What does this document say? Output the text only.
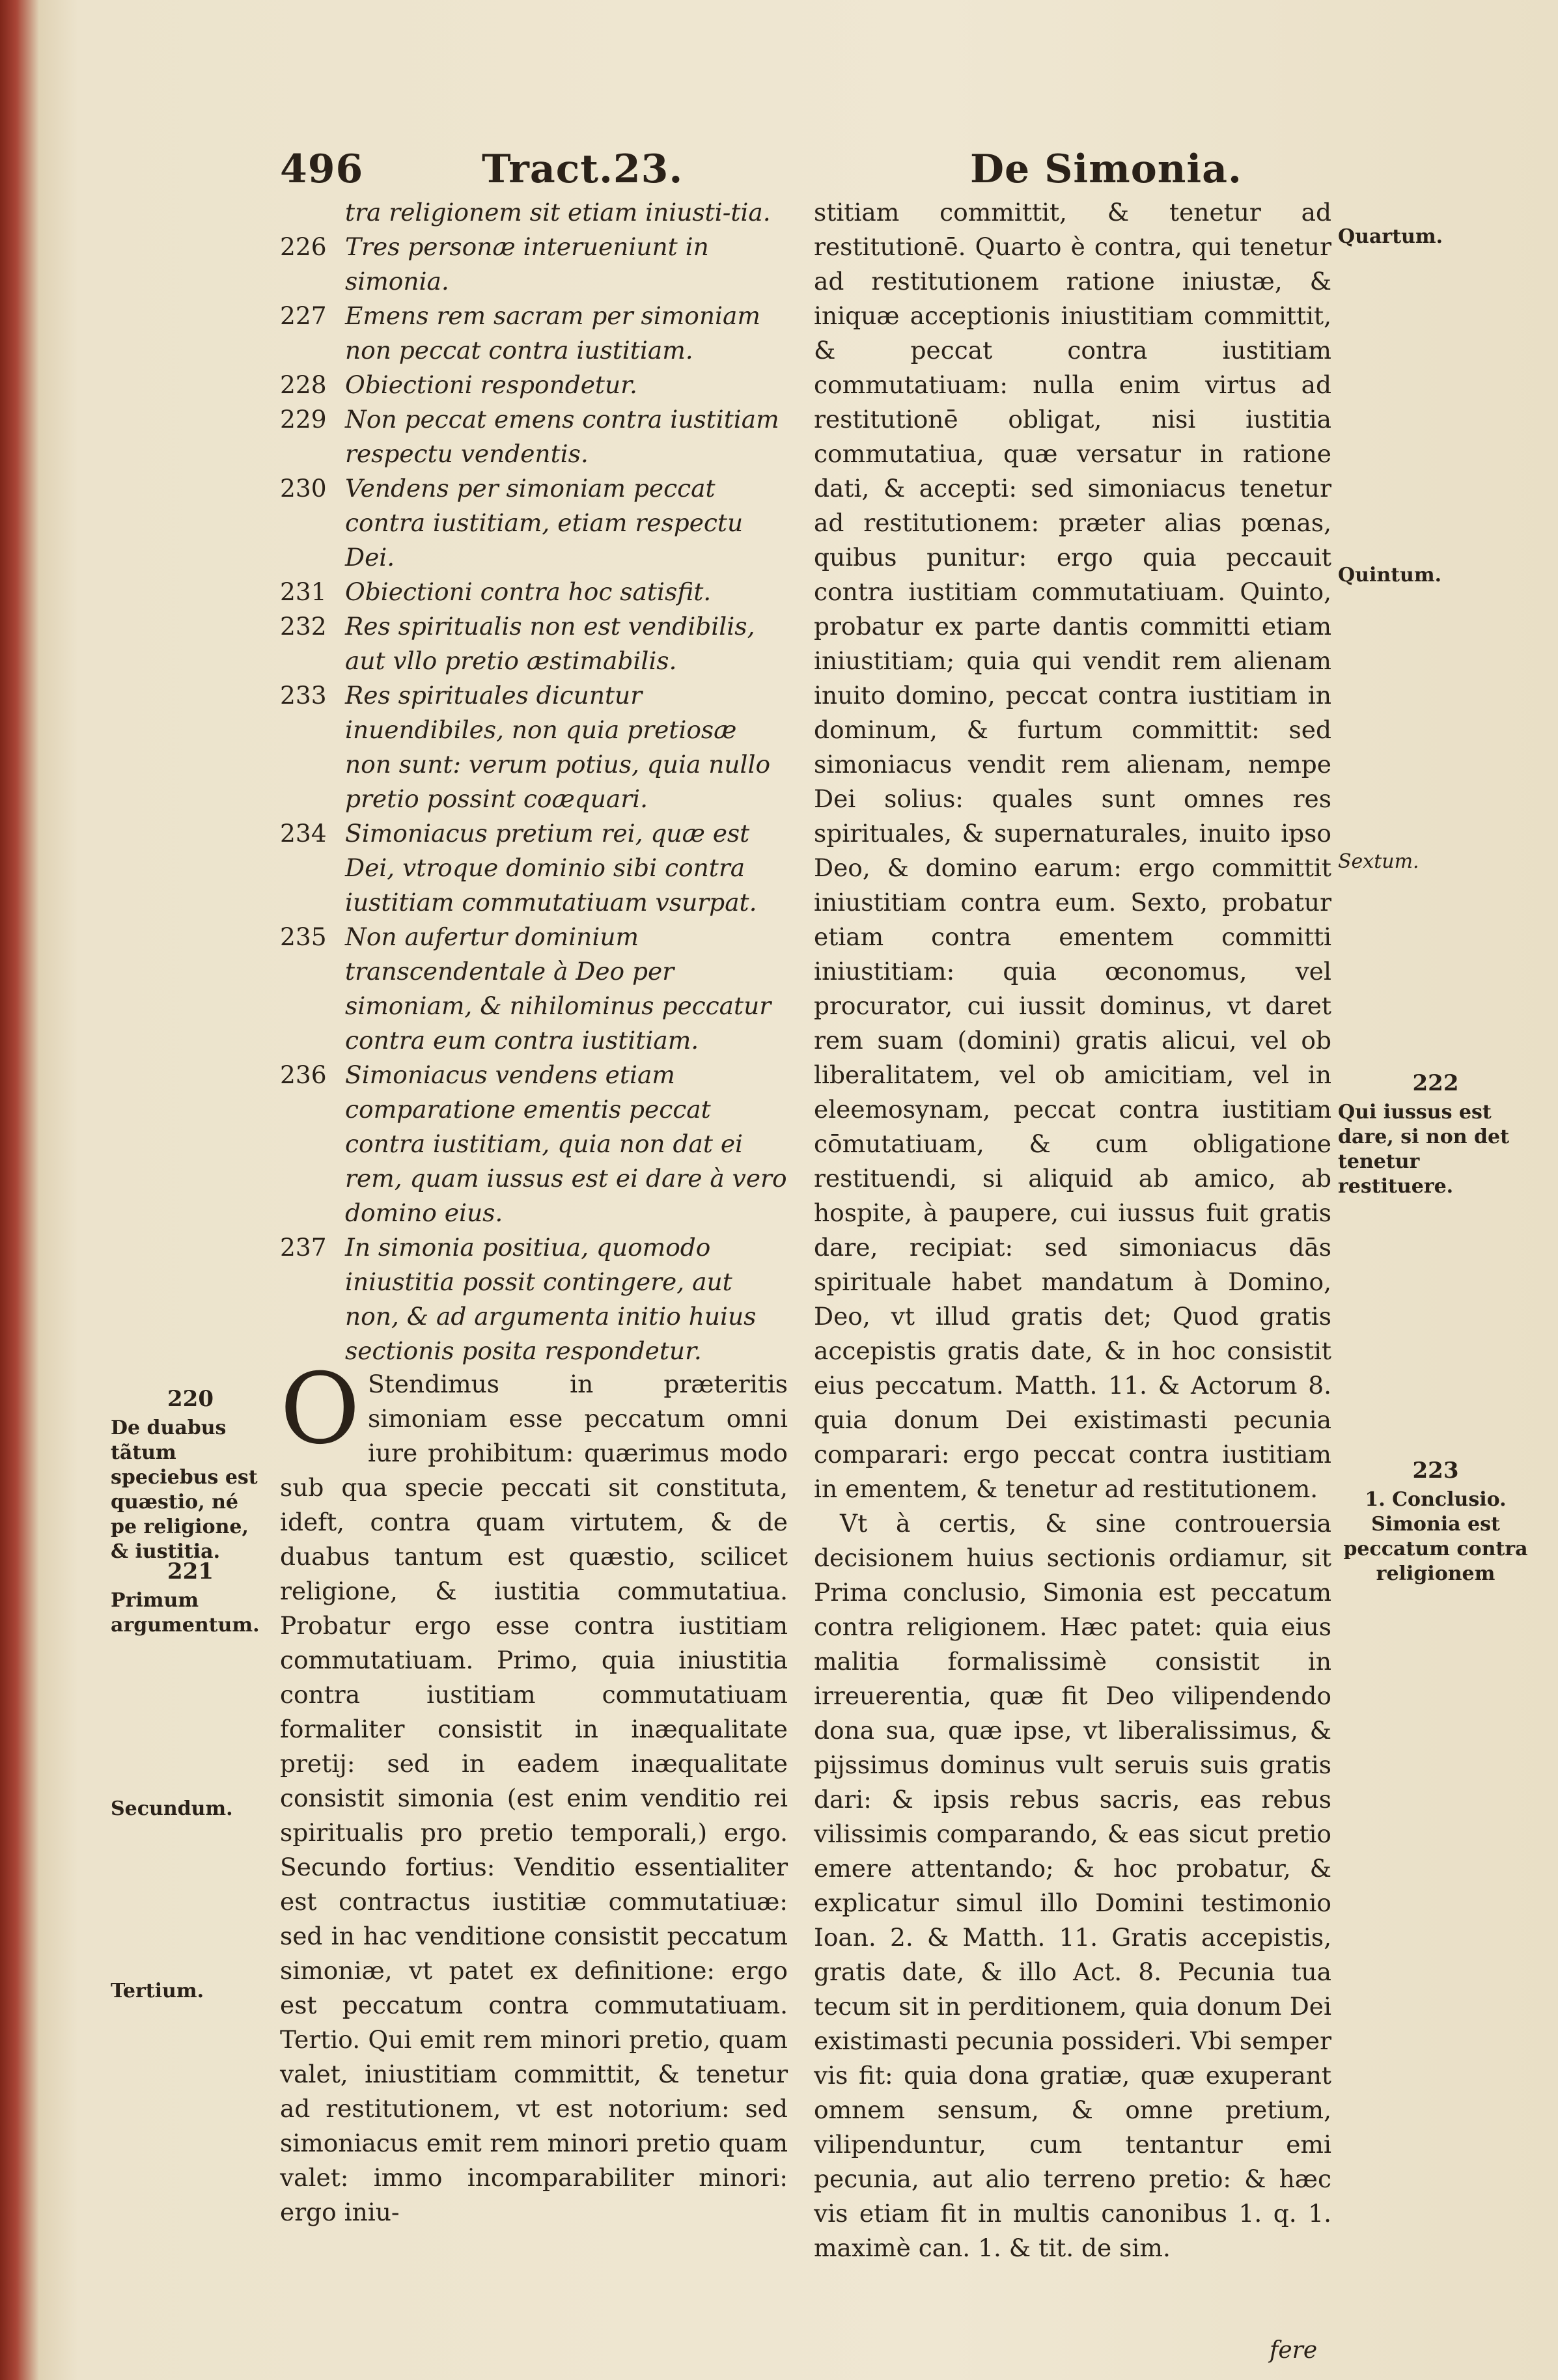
496	Tract.23.	De Simonia.
tra religionem sit etiam iniusti-tia.
226 Tres personæ interueniunt in simonia.
227 Emens rem sacram per simoniam non peccat contra iustitiam.
228 Obiectioni respondetur.
229 Non peccat emens contra iustitiam respectu vendentis.
230 Vendens per simoniam peccat contra iustitiam, etiam respectu Dei.
231 Obiectioni contra hoc satisfit.
232 Res spiritualis non est vendibilis, aut vllo pretio æstimabilis.
233 Res spirituales dicuntur inuendibiles, non quia pretiosæ non sunt: verum potius, quia nullo pretio possint coæquari.
234 Simoniacus pretium rei, quæ est Dei, vtroque dominio sibi contra iustitiam commutatiuam vsurpat.
235 Non aufertur dominium transcendentale à Deo per simoniam, & nihilominus peccatur contra eum contra iustitiam.
236 Simoniacus vendens etiam comparatione ementis peccat contra iustitiam, quia non dat ei rem, quam iussus est ei dare à vero domino eius.
237 In simonia positiua, quomodo iniustitia possit contingere, aut non, & ad argumenta initio huius sectionis posita respondetur.
O Stendimus in præteritis simoniam esse peccatum omni iure prohibitum: quærimus modo sub qua specie peccati sit constituta, ideft, contra quam virtutem, & de duabus tantum est quæstio, scilicet religione, & iustitia commutatiua. Probatur ergo esse contra iustitiam commutatiuam. Primo, quia iniustitia contra iustitiam commutatiuam formaliter consistit in inæqualitate pretij: sed in eadem inæqualitate consistit simonia (est enim venditio rei spiritualis pro pretio temporali,) ergo. Secundo fortius: Venditio essentialiter est contractus iustitiæ commutatiuæ: sed in hac venditione consistit peccatum simoniæ, vt patet ex definitione: ergo est peccatum contra commutatiuam. Tertio. Qui emit rem minori pretio, quam valet, iniustitiam committit, & tenetur ad restitutionem, vt est notorium: sed simoniacus emit rem minori pretio quam valet: immo incomparabiliter minori: ergo iniu-
stitiam committit, & tenetur ad restitutionē. Quarto è contra, qui tenetur ad restitutionem ratione iniustæ, & iniquæ acceptionis iniustitiam committit, & peccat contra iustitiam commutatiuam: nulla enim virtus ad restitutionē obligat, nisi iustitia commutatiua, quæ versatur in ratione dati, & accepti: sed simoniacus tenetur ad restitutionem: præter alias pœnas, quibus punitur: ergo quia peccauit contra iustitiam commutatiuam. Quinto, probatur ex parte dantis committi etiam iniustitiam; quia qui vendit rem alienam inuito domino, peccat contra iustitiam in dominum, & furtum committit: sed simoniacus vendit rem alienam, nempe Dei solius: quales sunt omnes res spirituales, & supernaturales, inuito ipso Deo, & domino earum: ergo committit iniustitiam contra eum. Sexto, probatur etiam contra ementem committi iniustitiam: quia œconomus, vel procurator, cui iussit dominus, vt daret rem suam (domini) gratis alicui, vel ob liberalitatem, vel ob amicitiam, vel in eleemosynam, peccat contra iustitiam cōmutatiuam, & cum obligatione restituendi, si aliquid ab amico, ab hospite, à paupere, cui iussus fuit gratis dare, recipiat: sed simoniacus dās spirituale habet mandatum à Domino, Deo, vt illud gratis det; Quod gratis accepistis gratis date, & in hoc consistit eius peccatum. Matth. 11. & Actorum 8. quia donum Dei existimasti pecunia comparari: ergo peccat contra iustitiam in ementem, & tenetur ad restitutionem.
Vt à certis, & sine controuersia decisionem huius sectionis ordiamur, sit Prima conclusio, Simonia est peccatum contra religionem. Hæc patet: quia eius malitia formalissimè consistit in irreuerentia, quæ fit Deo vilipendendo dona sua, quæ ipse, vt liberalissimus, & pijssimus dominus vult seruis suis gratis dari: & ipsis rebus sacris, eas rebus vilissimis comparando, & eas sicut pretio emere attentando; & hoc probatur, & explicatur simul illo Domini testimonio Ioan. 2. & Matth. 11. Gratis accepistis, gratis date, & illo Act. 8. Pecunia tua tecum sit in perditionem, quia donum Dei existimasti pecunia possideri. Vbi semper vis fit: quia dona gratiæ, quæ exuperant omnem sensum, & omne pretium, vilipenduntur, cum tentantur emi pecunia, aut alio terreno pretio: & hæc vis etiam fit in multis canonibus 1. q. 1. maximè can. 1. & tit. de sim.
220
De duabus tãtum speciebus est quæstio, né pe religione, & iustitia.
221
Primum argumentum.
Secundum.
Tertium.
Quartum.
Quintum.
Sextum.
222
Qui iussus est dare, si non det tenetur restituere.
223
1. Conclusio. Simonia est peccatum contra religionem
fere
